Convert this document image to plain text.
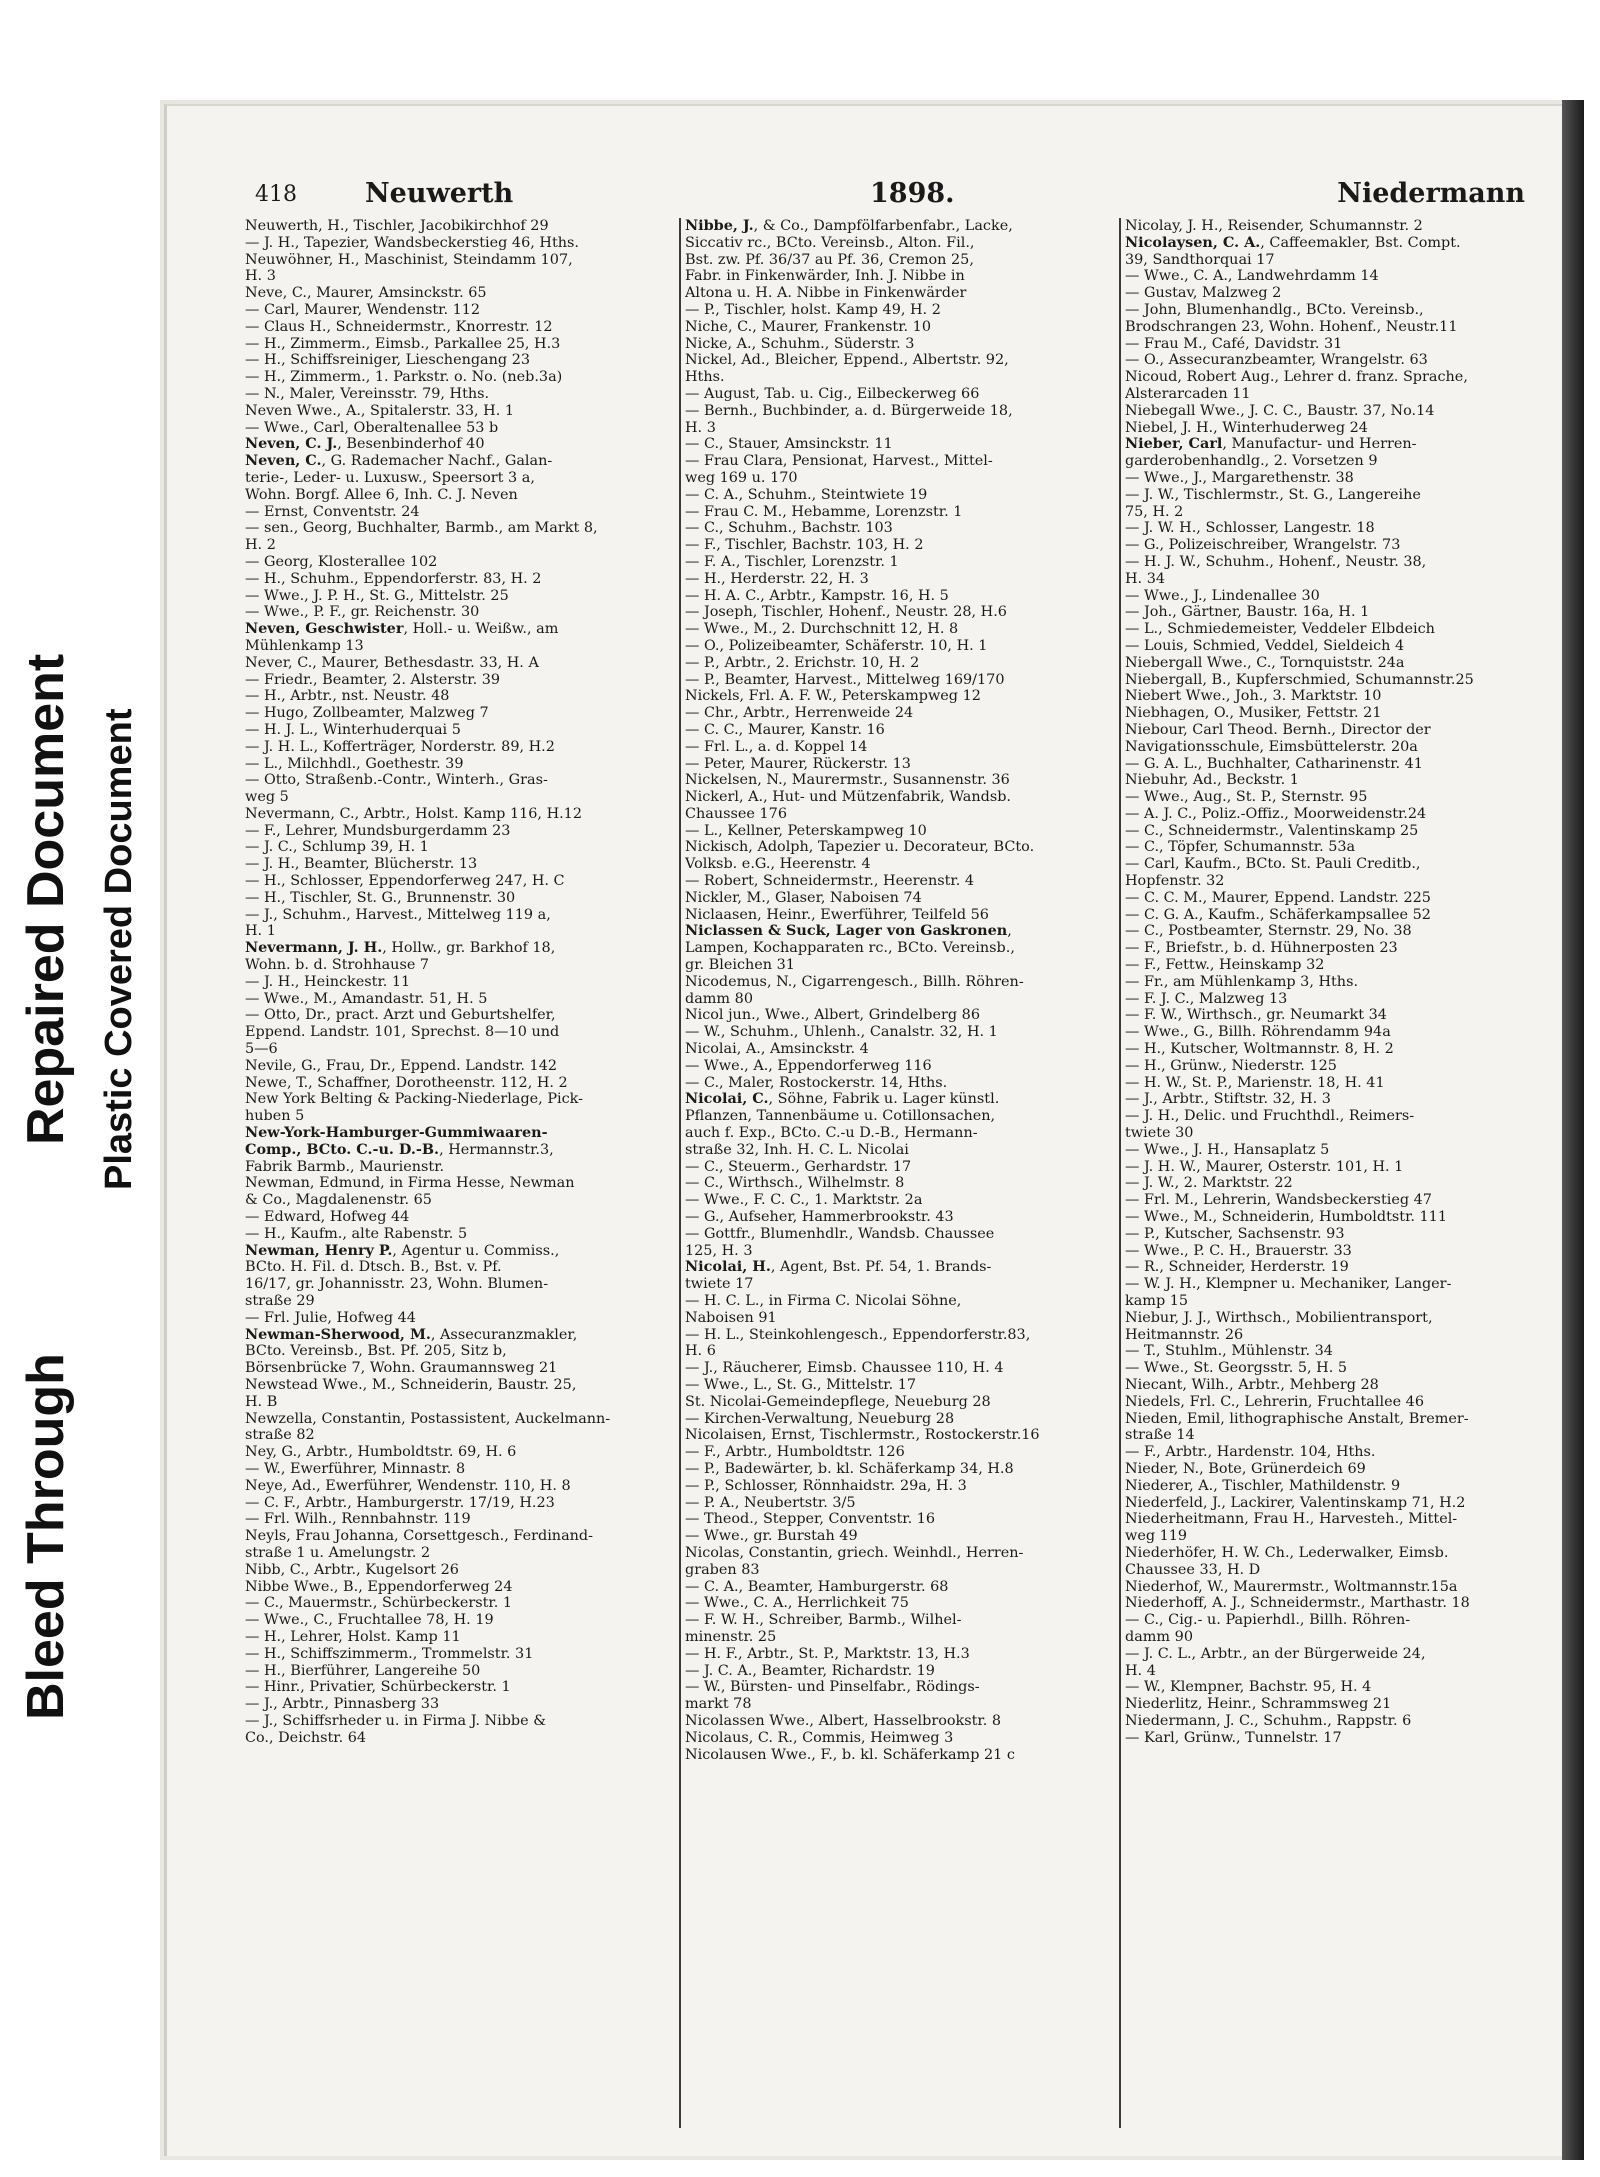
Bleed Through
Repaired Document Plastic Covered Document
418	Neuwerth	1898.	Niedermann

Neuwerth, H., Tischler, Jacobikirchhof 29

— J. H., Tapezier, Wandsbeckerstieg 46, Hths.

Neuwöhner, H., Maschinist, Steindamm 107,

H. 3

Neve, C., Maurer, Amsinckstr. 65

— Carl, Maurer, Wendenstr. 112

— Claus H., Schneidermstr., Knorrestr. 12

— H., Zimmerm., Eimsb., Parkallee 25, H.3

— H., Schiffsreiniger, Lieschengang 23

— H., Zimmerm., 1. Parkstr. o. No. (neb.3a)

— N., Maler, Vereinsstr. 79, Hths.

Neven Wwe., A., Spitalerstr. 33, H. 1

— Wwe., Carl, Oberaltenallee 53 b

Neven, C. J., Besenbinderhof 40

Neven, C., G. Rademacher Nachf., Galan-

terie-, Leder- u. Luxusw., Speersort 3 a,

Wohn. Borgf. Allee 6, Inh. C. J. Neven

— Ernst, Conventstr. 24

— sen., Georg, Buchhalter, Barmb., am Markt 8,

H. 2

— Georg, Klosterallee 102

— H., Schuhm., Eppendorferstr. 83, H. 2

— Wwe., J. P. H., St. G., Mittelstr. 25

— Wwe., P. F., gr. Reichenstr. 30

Neven, Geschwister, Holl.- u. Weißw., am

Mühlenkamp 13

Never, C., Maurer, Bethesdastr. 33, H. A

— Friedr., Beamter, 2. Alsterstr. 39

— H., Arbtr., nst. Neustr. 48

— Hugo, Zollbeamter, Malzweg 7

— H. J. L., Winterhuderquai 5

— J. H. L., Kofferträger, Norderstr. 89, H.2

— L., Milchhdl., Goethestr. 39

— Otto, Straßenb.-Contr., Winterh., Gras-

weg 5

Nevermann, C., Arbtr., Holst. Kamp 116, H.12

— F., Lehrer, Mundsburgerdamm 23

— J. C., Schlump 39, H. 1

— J. H., Beamter, Blücherstr. 13

— H., Schlosser, Eppendorferweg 247, H. C

— H., Tischler, St. G., Brunnenstr. 30

— J., Schuhm., Harvest., Mittelweg 119 a,

H. 1

Nevermann, J. H., Hollw., gr. Barkhof 18,

Wohn. b. d. Strohhause 7

— J. H., Heinckestr. 11

— Wwe., M., Amandastr. 51, H. 5

— Otto, Dr., pract. Arzt und Geburtshelfer,

Eppend. Landstr. 101, Sprechst. 8—10 und

5—6

Nevile, G., Frau, Dr., Eppend. Landstr. 142

Newe, T., Schaffner, Dorotheenstr. 112, H. 2

New York Belting & Packing-Niederlage, Pick-

huben 5

New-York-Hamburger-Gummiwaaren-

Comp., BCto. C.-u. D.-B., Hermannstr.3,

Fabrik Barmb., Maurienstr.

Newman, Edmund, in Firma Hesse, Newman

& Co., Magdalenenstr. 65

— Edward, Hofweg 44

— H., Kaufm., alte Rabenstr. 5

Newman, Henry P., Agentur u. Commiss.,

BCto. H. Fil. d. Dtsch. B., Bst. v. Pf.

16/17, gr. Johannisstr. 23, Wohn. Blumen-

straße 29

— Frl. Julie, Hofweg 44

Newman-Sherwood, M., Assecuranzmakler,

BCto. Vereinsb., Bst. Pf. 205, Sitz b,

Börsenbrücke 7, Wohn. Graumannsweg 21

Newstead Wwe., M., Schneiderin, Baustr. 25,

H. B

Newzella, Constantin, Postassistent, Auckelmann-

straße 82

Ney, G., Arbtr., Humboldtstr. 69, H. 6

— W., Ewerführer, Minnastr. 8

Neye, Ad., Ewerführer, Wendenstr. 110, H. 8

— C. F., Arbtr., Hamburgerstr. 17/19, H.23

— Frl. Wilh., Rennbahnstr. 119

Neyls, Frau Johanna, Corsettgesch., Ferdinand-

straße 1 u. Amelungstr. 2

Nibb, C., Arbtr., Kugelsort 26

Nibbe Wwe., B., Eppendorferweg 24

— C., Mauermstr., Schürbeckerstr. 1

— Wwe., C., Fruchtallee 78, H. 19

— H., Lehrer, Holst. Kamp 11

— H., Schiffszimmerm., Trommelstr. 31

— H., Bierführer, Langereihe 50

— Hinr., Privatier, Schürbeckerstr. 1

— J., Arbtr., Pinnasberg 33

— J., Schiffsrheder u. in Firma J. Nibbe &

Co., Deichstr. 64

Nibbe, J., & Co., Dampfölfarbenfabr., Lacke,

Siccativ rc., BCto. Vereinsb., Alton. Fil.,

Bst. zw. Pf. 36/37 au Pf. 36, Cremon 25,

Fabr. in Finkenwärder, Inh. J. Nibbe in

Altona u. H. A. Nibbe in Finkenwärder

— P., Tischler, holst. Kamp 49, H. 2

Niche, C., Maurer, Frankenstr. 10

Nicke, A., Schuhm., Süderstr. 3

Nickel, Ad., Bleicher, Eppend., Albertstr. 92,

Hths.

— August, Tab. u. Cig., Eilbeckerweg 66

— Bernh., Buchbinder, a. d. Bürgerweide 18,

H. 3

— C., Stauer, Amsinckstr. 11

— Frau Clara, Pensionat, Harvest., Mittel-

weg 169 u. 170

— C. A., Schuhm., Steintwiete 19

— Frau C. M., Hebamme, Lorenzstr. 1

— C., Schuhm., Bachstr. 103

— F., Tischler, Bachstr. 103, H. 2

— F. A., Tischler, Lorenzstr. 1

— H., Herderstr. 22, H. 3

— H. A. C., Arbtr., Kampstr. 16, H. 5

— Joseph, Tischler, Hohenf., Neustr. 28, H.6

— Wwe., M., 2. Durchschnitt 12, H. 8

— O., Polizeibeamter, Schäferstr. 10, H. 1

— P., Arbtr., 2. Erichstr. 10, H. 2

— P., Beamter, Harvest., Mittelweg 169/170

Nickels, Frl. A. F. W., Peterskampweg 12

— Chr., Arbtr., Herrenweide 24

— C. C., Maurer, Kanstr. 16

— Frl. L., a. d. Koppel 14

— Peter, Maurer, Rückerstr. 13

Nickelsen, N., Maurermstr., Susannenstr. 36

Nickerl, A., Hut- und Mützenfabrik, Wandsb.

Chaussee 176

— L., Kellner, Peterskampweg 10

Nickisch, Adolph, Tapezier u. Decorateur, BCto.

Volksb. e.G., Heerenstr. 4

— Robert, Schneidermstr., Heerenstr. 4

Nickler, M., Glaser, Naboisen 74

Niclaasen, Heinr., Ewerführer, Teilfeld 56

Niclassen & Suck, Lager von Gaskronen,

Lampen, Kochapparaten rc., BCto. Vereinsb.,

gr. Bleichen 31

Nicodemus, N., Cigarrengesch., Billh. Röhren-

damm 80

Nicol jun., Wwe., Albert, Grindelberg 86

— W., Schuhm., Uhlenh., Canalstr. 32, H. 1

Nicolai, A., Amsinckstr. 4

— Wwe., A., Eppendorferweg 116

— C., Maler, Rostockerstr. 14, Hths.

Nicolai, C., Söhne, Fabrik u. Lager künstl.

Pflanzen, Tannenbäume u. Cotillonsachen,

auch f. Exp., BCto. C.-u D.-B., Hermann-

straße 32, Inh. H. C. L. Nicolai

— C., Steuerm., Gerhardstr. 17

— C., Wirthsch., Wilhelmstr. 8

— Wwe., F. C. C., 1. Marktstr. 2a

— G., Aufseher, Hammerbrookstr. 43

— Gottfr., Blumenhdlr., Wandsb. Chaussee

125, H. 3

Nicolai, H., Agent, Bst. Pf. 54, 1. Brands-

twiete 17

— H. C. L., in Firma C. Nicolai Söhne,

Naboisen 91

— H. L., Steinkohlengesch., Eppendorferstr.83,

H. 6

— J., Räucherer, Eimsb. Chaussee 110, H. 4

— Wwe., L., St. G., Mittelstr. 17

St. Nicolai-Gemeindepflege, Neueburg 28

— Kirchen-Verwaltung, Neueburg 28

Nicolaisen, Ernst, Tischlermstr., Rostockerstr.16

— F., Arbtr., Humboldtstr. 126

— P., Badewärter, b. kl. Schäferkamp 34, H.8

— P., Schlosser, Rönnhaidstr. 29a, H. 3

— P. A., Neubertstr. 3/5

— Theod., Stepper, Conventstr. 16

— Wwe., gr. Burstah 49

Nicolas, Constantin, griech. Weinhdl., Herren-

graben 83

— C. A., Beamter, Hamburgerstr. 68

— Wwe., C. A., Herrlichkeit 75

— F. W. H., Schreiber, Barmb., Wilhel-

minenstr. 25

— H. F., Arbtr., St. P., Marktstr. 13, H.3

— J. C. A., Beamter, Richardstr. 19

— W., Bürsten- und Pinselfabr., Rödings-

markt 78

Nicolassen Wwe., Albert, Hasselbrookstr. 8

Nicolaus, C. R., Commis, Heimweg 3

Nicolausen Wwe., F., b. kl. Schäferkamp 21 c

Nicolay, J. H., Reisender, Schumannstr. 2

Nicolaysen, C. A., Caffeemakler, Bst. Compt.

39, Sandthorquai 17

— Wwe., C. A., Landwehrdamm 14

— Gustav, Malzweg 2

— John, Blumenhandlg., BCto. Vereinsb.,

Brodschrangen 23, Wohn. Hohenf., Neustr.11

— Frau M., Café, Davidstr. 31

— O., Assecuranzbeamter, Wrangelstr. 63

Nicoud, Robert Aug., Lehrer d. franz. Sprache,

Alsterarcaden 11

Niebegall Wwe., J. C. C., Baustr. 37, No.14

Niebel, J. H., Winterhuderweg 24

Nieber, Carl, Manufactur- und Herren-

garderobenhandlg., 2. Vorsetzen 9

— Wwe., J., Margarethenstr. 38

— J. W., Tischlermstr., St. G., Langereihe

75, H. 2

— J. W. H., Schlosser, Langestr. 18

— G., Polizeischreiber, Wrangelstr. 73

— H. J. W., Schuhm., Hohenf., Neustr. 38,

H. 34

— Wwe., J., Lindenallee 30

— Joh., Gärtner, Baustr. 16a, H. 1

— L., Schmiedemeister, Veddeler Elbdeich

— Louis, Schmied, Veddel, Sieldeich 4

Niebergall Wwe., C., Tornquiststr. 24a

Niebergall, B., Kupferschmied, Schumannstr.25

Niebert Wwe., Joh., 3. Marktstr. 10

Niebhagen, O., Musiker, Fettstr. 21

Niebour, Carl Theod. Bernh., Director der

Navigationsschule, Eimsbüttelerstr. 20a

— G. A. L., Buchhalter, Catharinenstr. 41

Niebuhr, Ad., Beckstr. 1

— Wwe., Aug., St. P., Sternstr. 95

— A. J. C., Poliz.-Offiz., Moorweidenstr.24

— C., Schneidermstr., Valentinskamp 25

— C., Töpfer, Schumannstr. 53a

— Carl, Kaufm., BCto. St. Pauli Creditb.,

Hopfenstr. 32

— C. C. M., Maurer, Eppend. Landstr. 225

— C. G. A., Kaufm., Schäferkampsallee 52

— C., Postbeamter, Sternstr. 29, No. 38

— F., Briefstr., b. d. Hühnerposten 23

— F., Fettw., Heinskamp 32

— Fr., am Mühlenkamp 3, Hths.

— F. J. C., Malzweg 13

— F. W., Wirthsch., gr. Neumarkt 34

— Wwe., G., Billh. Röhrendamm 94a

— H., Kutscher, Woltmannstr. 8, H. 2

— H., Grünw., Niederstr. 125

— H. W., St. P., Marienstr. 18, H. 41

— J., Arbtr., Stiftstr. 32, H. 3

— J. H., Delic. und Fruchthdl., Reimers-

twiete 30

— Wwe., J. H., Hansaplatz 5

— J. H. W., Maurer, Osterstr. 101, H. 1

— J. W., 2. Marktstr. 22

— Frl. M., Lehrerin, Wandsbeckerstieg 47

— Wwe., M., Schneiderin, Humboldtstr. 111

— P., Kutscher, Sachsenstr. 93

— Wwe., P. C. H., Brauerstr. 33

— R., Schneider, Herderstr. 19

— W. J. H., Klempner u. Mechaniker, Langer-

kamp 15

Niebur, J. J., Wirthsch., Mobilientransport,

Heitmannstr. 26

— T., Stuhlm., Mühlenstr. 34

— Wwe., St. Georgsstr. 5, H. 5

Niecant, Wilh., Arbtr., Mehberg 28

Niedels, Frl. C., Lehrerin, Fruchtallee 46

Nieden, Emil, lithographische Anstalt, Bremer-

straße 14

— F., Arbtr., Hardenstr. 104, Hths.

Nieder, N., Bote, Grünerdeich 69

Niederer, A., Tischler, Mathildenstr. 9

Niederfeld, J., Lackirer, Valentinskamp 71, H.2

Niederheitmann, Frau H., Harvesteh., Mittel-

weg 119

Niederhöfer, H. W. Ch., Lederwalker, Eimsb.

Chaussee 33, H. D

Niederhof, W., Maurermstr., Woltmannstr.15a

Niederhoff, A. J., Schneidermstr., Marthastr. 18

— C., Cig.- u. Papierhdl., Billh. Röhren-

damm 90

— J. C. L., Arbtr., an der Bürgerweide 24,

H. 4

— W., Klempner, Bachstr. 95, H. 4

Niederlitz, Heinr., Schrammsweg 21

Niedermann, J. C., Schuhm., Rappstr. 6

— Karl, Grünw., Tunnelstr. 17
